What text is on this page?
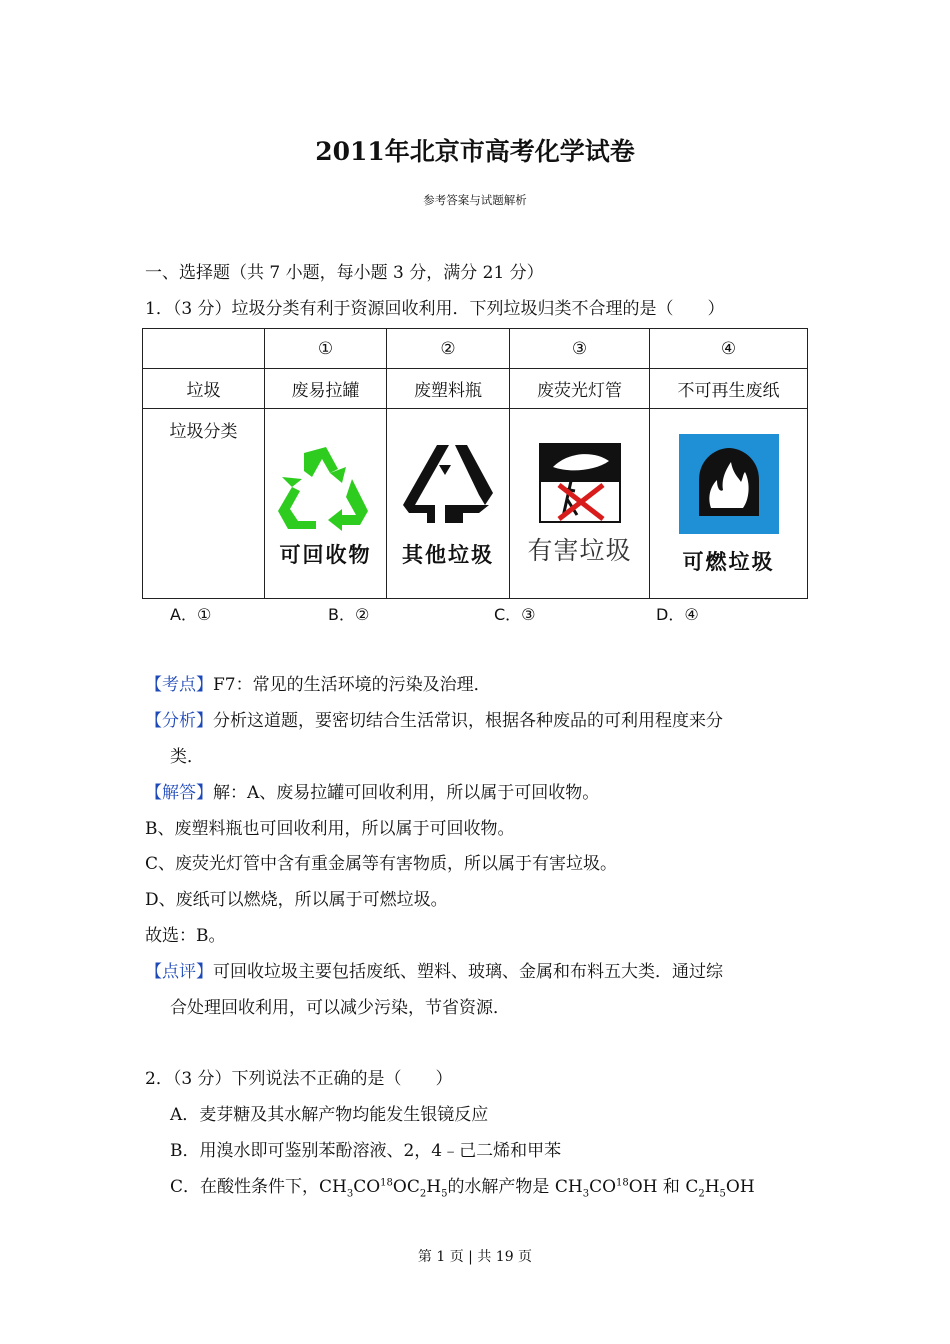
2011年北京市高考化学试卷
参考答案与试题解析
一、选择题（共 7 小题，每小题 3 分，满分 21 分）
1．（3 分）垃圾分类有利于资源回收利用．下列垃圾归类不合理的是（　　）
	①	②	③	④
垃圾	废易拉罐	废塑料瓶	废荧光灯管	不可再生废纸
垃圾分类	可回收物	其他垃圾	有害垃圾	可燃垃圾
A．①	B．②	C．③	D．④
【考点】F7：常见的生活环境的污染及治理．
【分析】分析这道题，要密切结合生活常识，根据各种废品的可利用程度来分
类．
【解答】解：A、废易拉罐可回收利用，所以属于可回收物。
B、废塑料瓶也可回收利用，所以属于可回收物。
C、废荧光灯管中含有重金属等有害物质，所以属于有害垃圾。
D、废纸可以燃烧，所以属于可燃垃圾。
故选：B。
【点评】可回收垃圾主要包括废纸、塑料、玻璃、金属和布料五大类．通过综
合处理回收利用，可以减少污染，节省资源．
2．（3 分）下列说法不正确的是（　　）
A．麦芽糖及其水解产物均能发生银镜反应
B．用溴水即可鉴别苯酚溶液、2，4﹣己二烯和甲苯
C．在酸性条件下，$CH_3CO^{18}OC_2H_5$的水解产物是 $CH_3CO^{18}OH$ 和 $C_2H_5OH$
第 1 页 | 共 19 页
